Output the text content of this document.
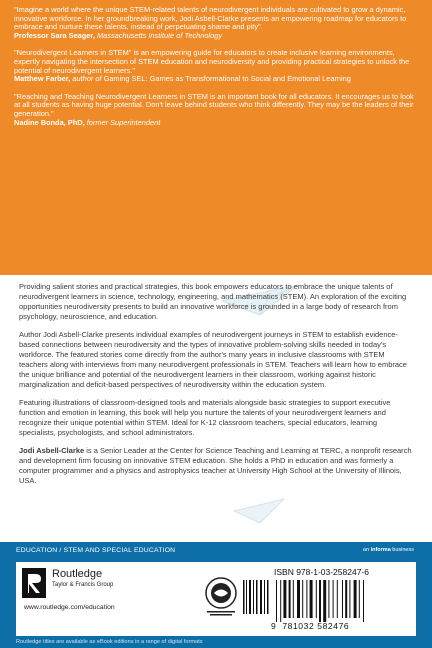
"Imagine a world where the unique STEM-related talents of neurodivergent individuals are cultivated to grow a dynamic, innovative workforce. In her groundbreaking work, Jodi Asbell-Clarke presents an empowering roadmap for educators to embrace and nurture these talents, instead of perpetuating shame and pity".
Professor Sara Seager, Massachusetts Institute of Technology
"Neurodivergent Learners in STEM" is an empowering guide for educators to create inclusive learning environments, expertly navigating the intersection of STEM education and neurodiversity and providing practical strategies to unlock the potential of neurodivergent learners."
Matthew Farber, author of Gaming SEL: Games as Transformational to Social and Emotional Learning
"Reaching and Teaching Neurodivergent Learners in STEM is an important book for all educators. It encourages us to look at all students as having huge potential. Don't leave behind students who think differently. They may be the leaders of their generation."
Nadine Bonda, PhD, former Superintendent

Providing salient stories and practical strategies, this book empowers educators to embrace the unique talents of neurodivergent learners in science, technology, engineering, and mathematics (STEM). An exploration of the exciting opportunities neurodiversity presents to build an innovative workforce is grounded in a large body of research from psychology, neuroscience, and education.

Author Jodi Asbell-Clarke presents individual examples of neurodivergent journeys in STEM to establish evidence-based connections between neurodiversity and the types of innovative problem-solving skills needed in today's workforce. The featured stories come directly from the author's many years in inclusive classrooms with STEM teachers along with interviews from many neurodivergent professionals in STEM. Teachers will learn how to embrace the unique brilliance and potential of the neurodivergent learners in their classroom, working against historic marginalization and deficit-based perspectives of neurodiversity within the education system.

Featuring illustrations of classroom-designed tools and materials alongside basic strategies to support executive function and emotion in learning, this book will help you nurture the talents of your neurodivergent learners and recognize their unique potential within STEM. Ideal for K-12 classroom teachers, special educators, learning specialists, psychologists, and school administrators.

Jodi Asbell-Clarke is a Senior Leader at the Center for Science Teaching and Learning at TERC, a nonprofit research and development firm focusing on innovative STEM education. She holds a PhD in education and was formerly a computer programmer and a physics and astrophysics teacher at University High School at the University of Illinois, USA.

EDUCATION / STEM AND SPECIAL EDUCATION	an informa business
Routledge
Taylor & Francis Group
www.routledge.com/education
ISBN 978-1-03-258247-6
9 781032 582476
Routledge titles are available as eBook editions in a range of digital formats
